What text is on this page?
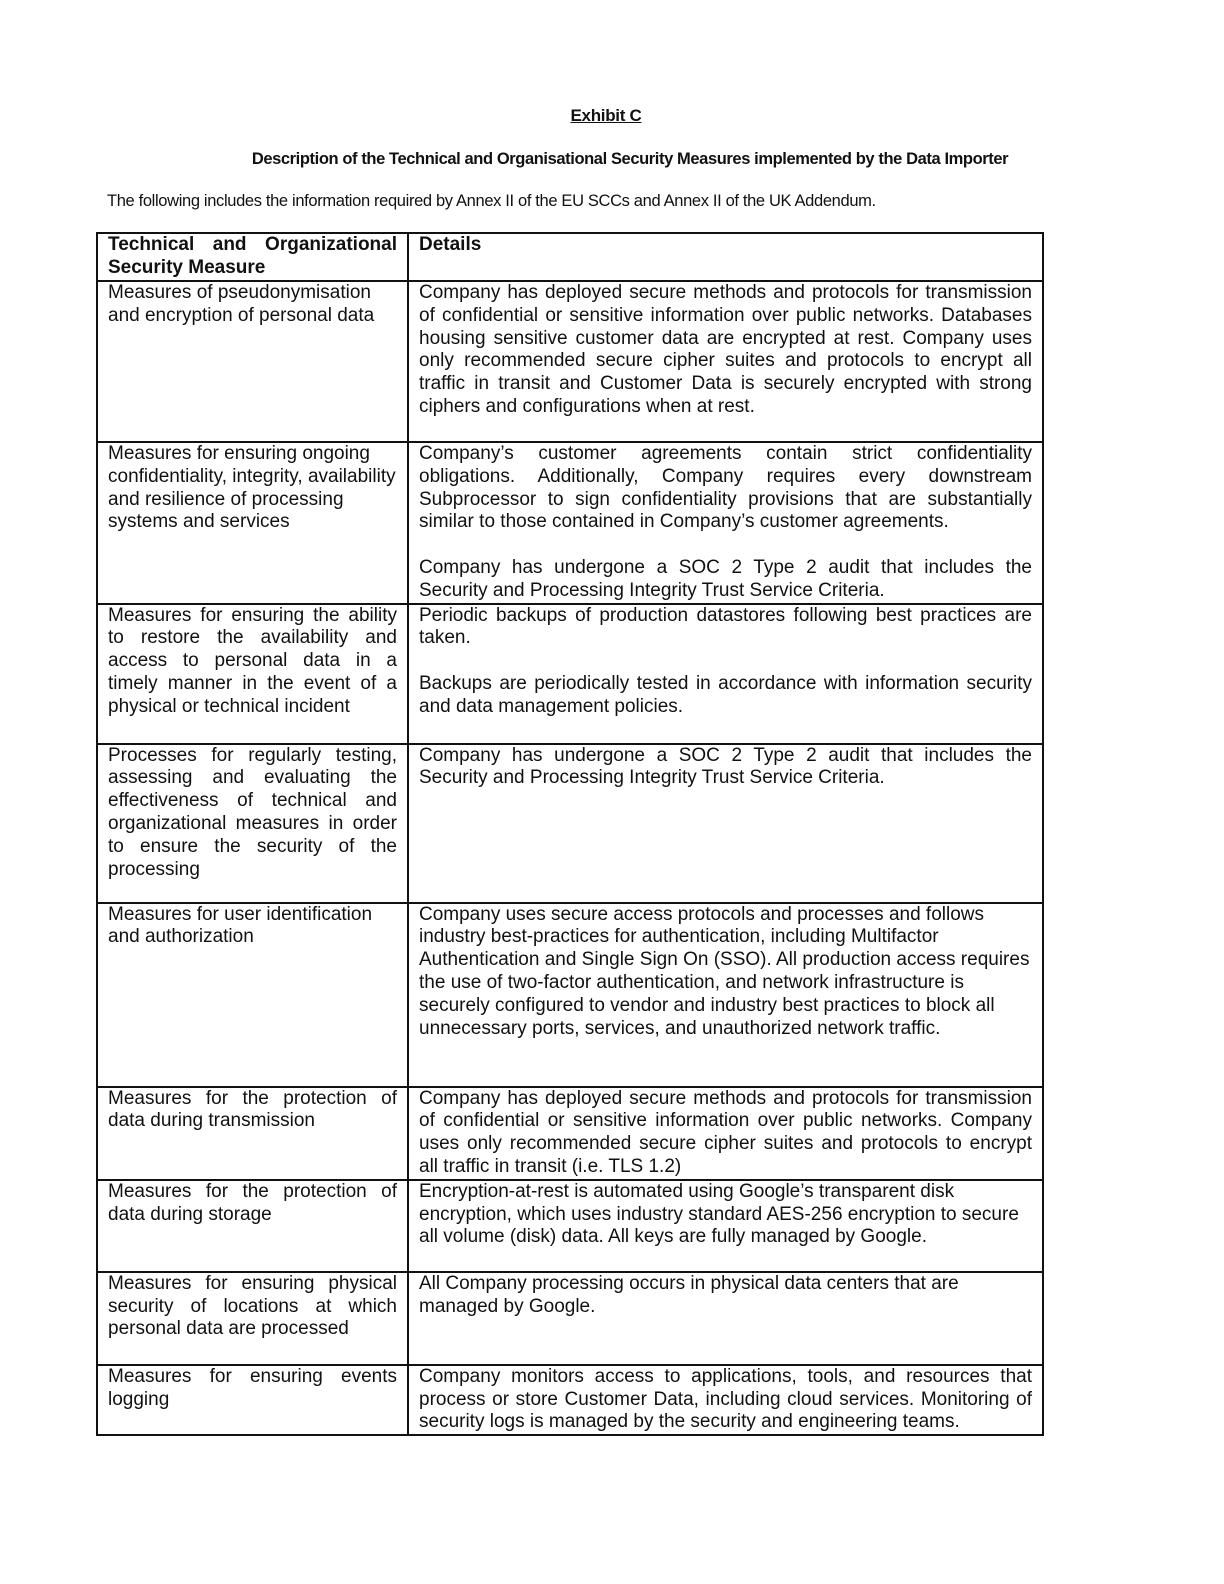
Exhibit C
Description of the Technical and Organisational Security Measures implemented by the Data Importer
The following includes the information required by Annex II of the EU SCCs and Annex II of the UK Addendum.
Technical and Organizational Security Measure	Details
Measures of pseudonymisation and encryption of personal data	Company has deployed secure methods and protocols for transmission of confidential or sensitive information over public networks. Databases housing sensitive customer data are encrypted at rest. Company uses only recommended secure cipher suites and protocols to encrypt all traffic in transit and Customer Data is securely encrypted with strong ciphers and configurations when at rest.

Measures for ensuring ongoing confidentiality, integrity, availability and resilience of processing systems and services	Company’s customer agreements contain strict confidentiality obligations. Additionally, Company requires every downstream Subprocessor to sign confidentiality provisions that are substantially similar to those contained in Company’s customer agreements.
Company has undergone a SOC 2 Type 2 audit that includes the Security and Processing Integrity Trust Service Criteria.

Measures for ensuring the ability to restore the availability and access to personal data in a timely manner in the event of a physical or technical incident	Periodic backups of production datastores following best practices are taken.
Backups are periodically tested in accordance with information security and data management policies.

Processes for regularly testing, assessing and evaluating the effectiveness of technical and organizational measures in order to ensure the security of the processing	Company has undergone a SOC 2 Type 2 audit that includes the Security and Processing Integrity Trust Service Criteria.

Measures for user identification and authorization	Company uses secure access protocols and processes and follows industry best-practices for authentication, including Multifactor Authentication and Single Sign On (SSO). All production access requires the use of two-factor authentication, and network infrastructure is securely configured to vendor and industry best practices to block all unnecessary ports, services, and unauthorized network traffic.

Measures for the protection of data during transmission	Company has deployed secure methods and protocols for transmission of confidential or sensitive information over public networks. Company uses only recommended secure cipher suites and protocols to encrypt all traffic in transit (i.e. TLS 1.2)

Measures for the protection of data during storage	Encryption-at-rest is automated using Google’s transparent disk encryption, which uses industry standard AES-256 encryption to secure all volume (disk) data. All keys are fully managed by Google.

Measures for ensuring physical security of locations at which personal data are processed	All Company processing occurs in physical data centers that are managed by Google.

Measures for ensuring events logging	Company monitors access to applications, tools, and resources that process or store Customer Data, including cloud services. Monitoring of security logs is managed by the security and engineering teams.
